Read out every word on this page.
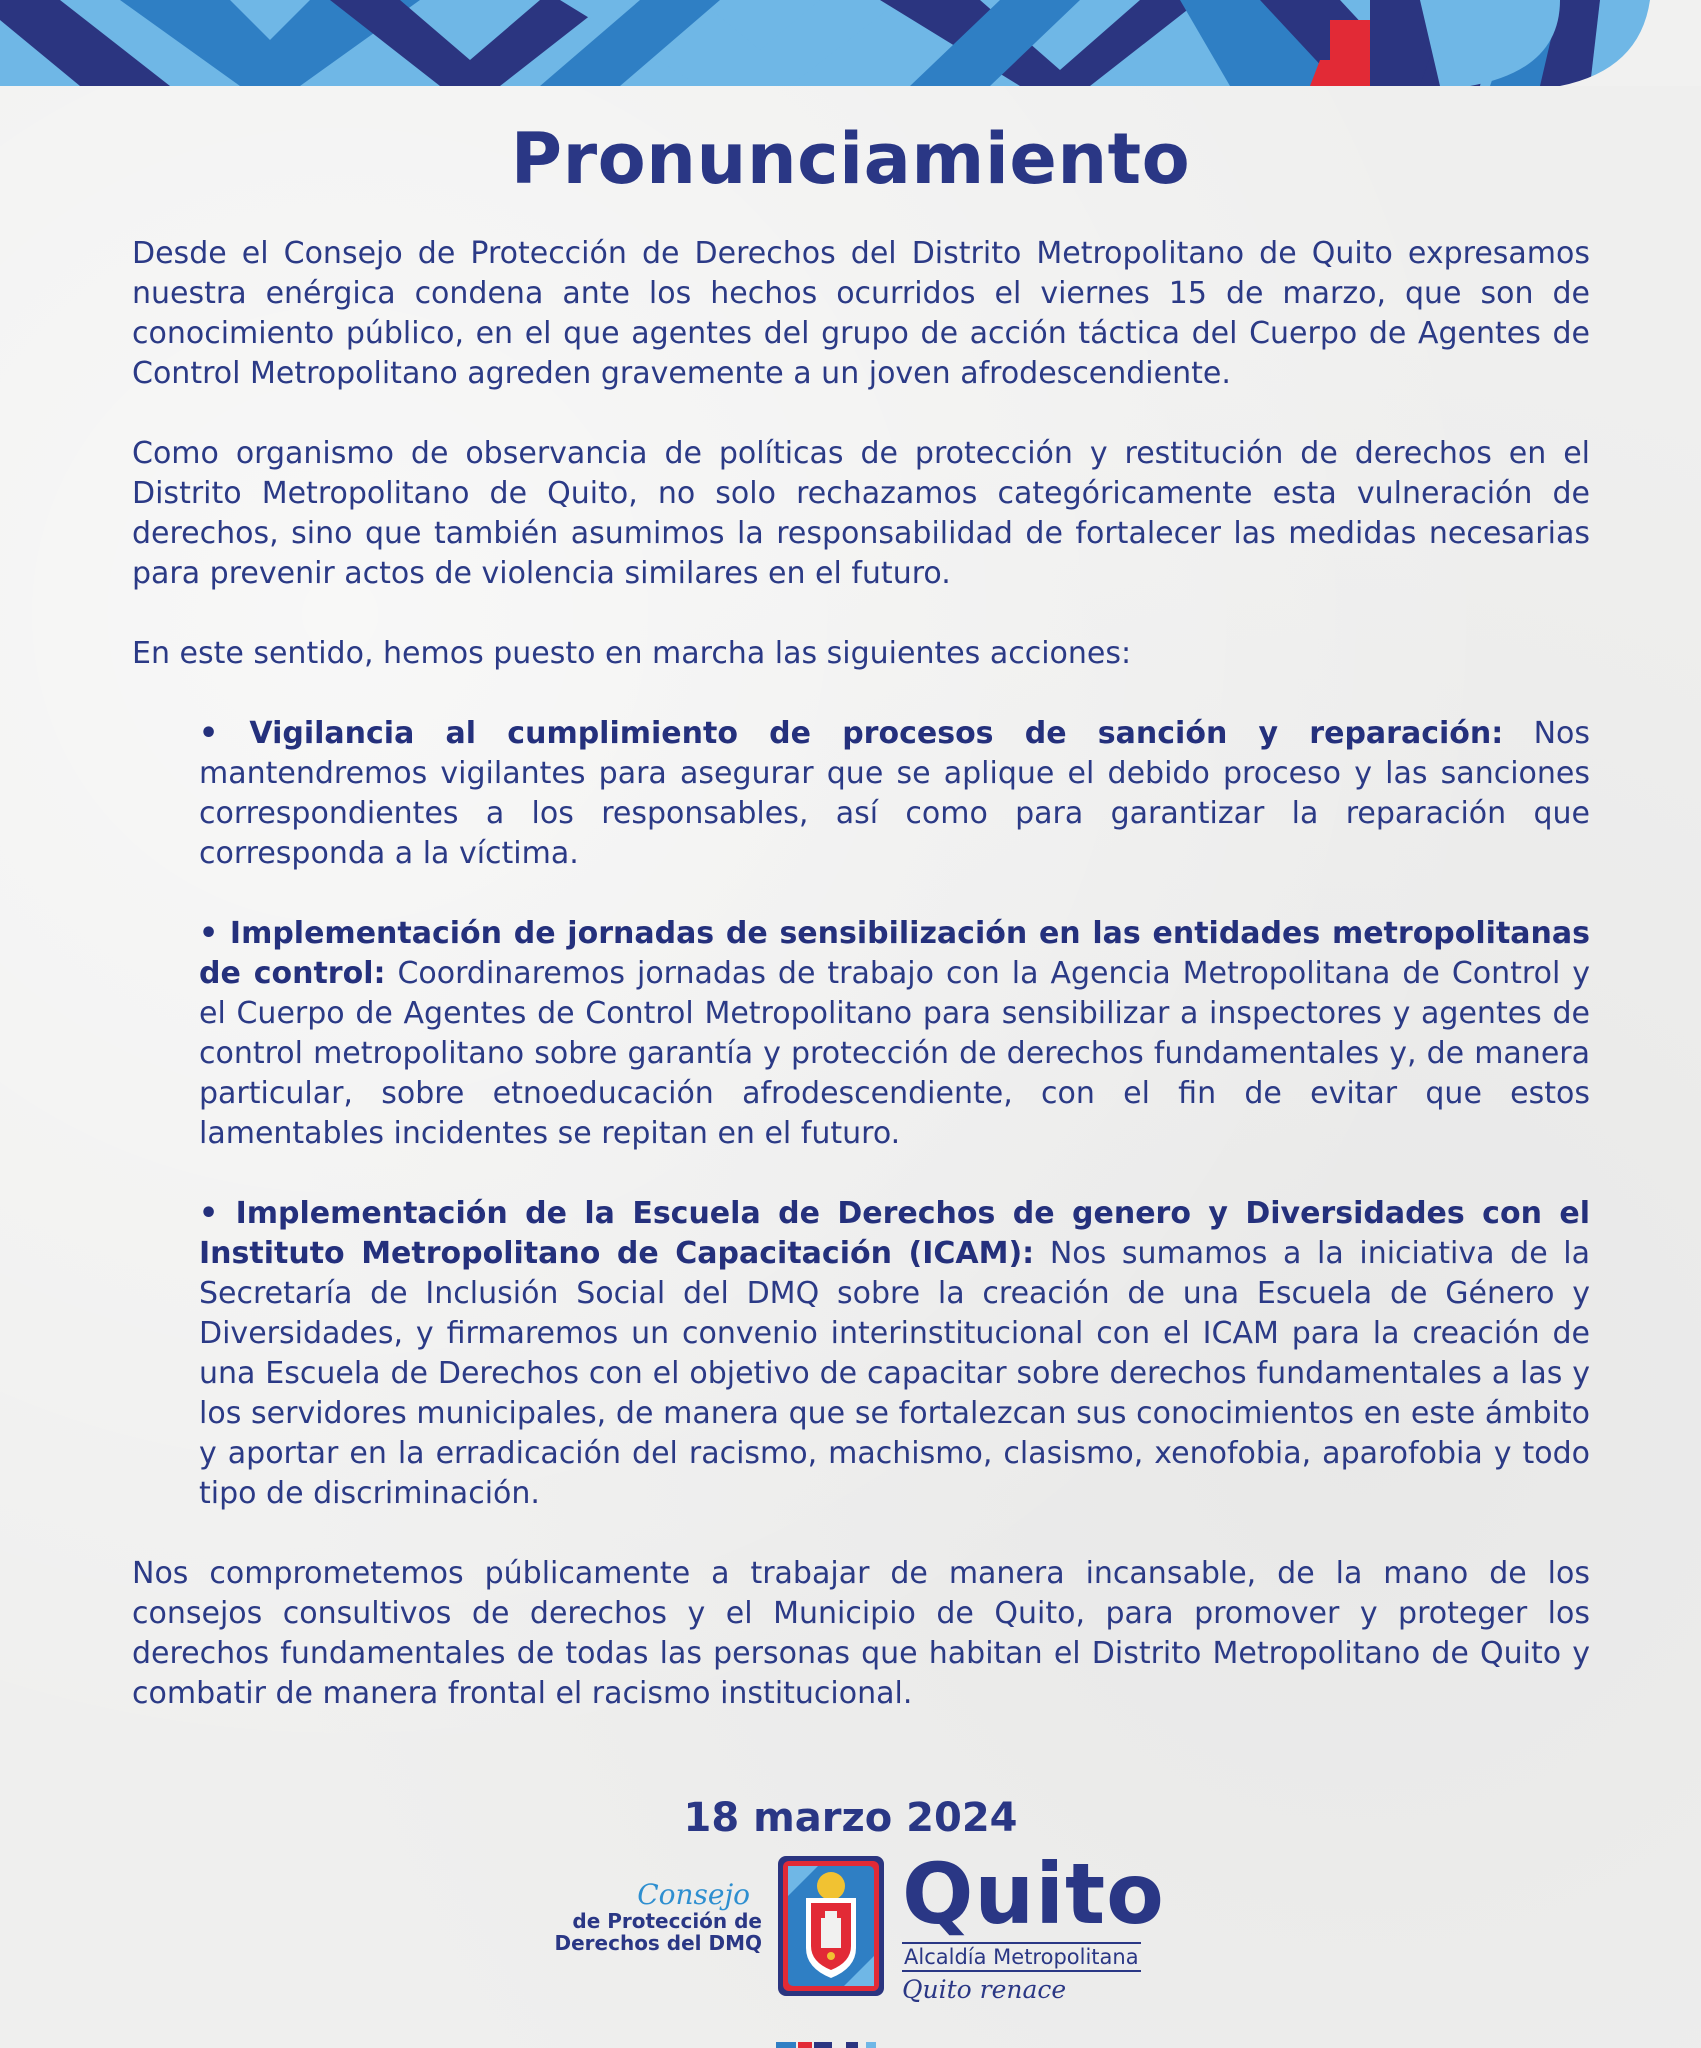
Pronunciamiento

Desde el Consejo de Protección de Derechos del Distrito Metropolitano de Quito expresamos nuestra enérgica condena ante los hechos ocurridos el viernes 15 de marzo, que son de conocimiento público, en el que agentes del grupo de acción táctica del Cuerpo de Agentes de Control Metropolitano agreden gravemente a un joven afrodescendiente.

Como organismo de observancia de políticas de protección y restitución de derechos en el Distrito Metropolitano de Quito, no solo rechazamos categóricamente esta vulneración de derechos, sino que también asumimos la responsabilidad de fortalecer las medidas necesarias para prevenir actos de violencia similares en el futuro.

En este sentido, hemos puesto en marcha las siguientes acciones:

• Vigilancia al cumplimiento de procesos de sanción y reparación: Nos mantendremos vigilantes para asegurar que se aplique el debido proceso y las sanciones correspondientes a los responsables, así como para garantizar la reparación que corresponda a la víctima.
• Implementación de jornadas de sensibilización en las entidades metropolitanas de control: Coordinaremos jornadas de trabajo con la Agencia Metropolitana de Control y el Cuerpo de Agentes de Control Metropolitano para sensibilizar a inspectores y agentes de control metropolitano sobre garantía y protección de derechos fundamentales y, de manera particular, sobre etnoeducación afrodescendiente, con el fin de evitar que estos lamentables incidentes se repitan en el futuro.
• Implementación de la Escuela de Derechos de genero y Diversidades con el Instituto Metropolitano de Capacitación (ICAM): Nos sumamos a la iniciativa de la Secretaría de Inclusión Social del DMQ sobre la creación de una Escuela de Género y Diversidades, y firmaremos un convenio interinstitucional con el ICAM para la creación de una Escuela de Derechos con el objetivo de capacitar sobre derechos fundamentales a las y los servidores municipales, de manera que se fortalezcan sus conocimientos en este ámbito y aportar en la erradicación del racismo, machismo, clasismo, xenofobia, aparofobia y todo tipo de discriminación.

Nos comprometemos públicamente a trabajar de manera incansable, de la mano de los consejos consultivos de derechos y el Municipio de Quito, para promover y proteger los derechos fundamentales de todas las personas que habitan el Distrito Metropolitano de Quito y combatir de manera frontal el racismo institucional.

18 marzo 2024
Consejo
de Protección de
Derechos del DMQ Quito
Alcaldía Metropolitana
Quito renace
